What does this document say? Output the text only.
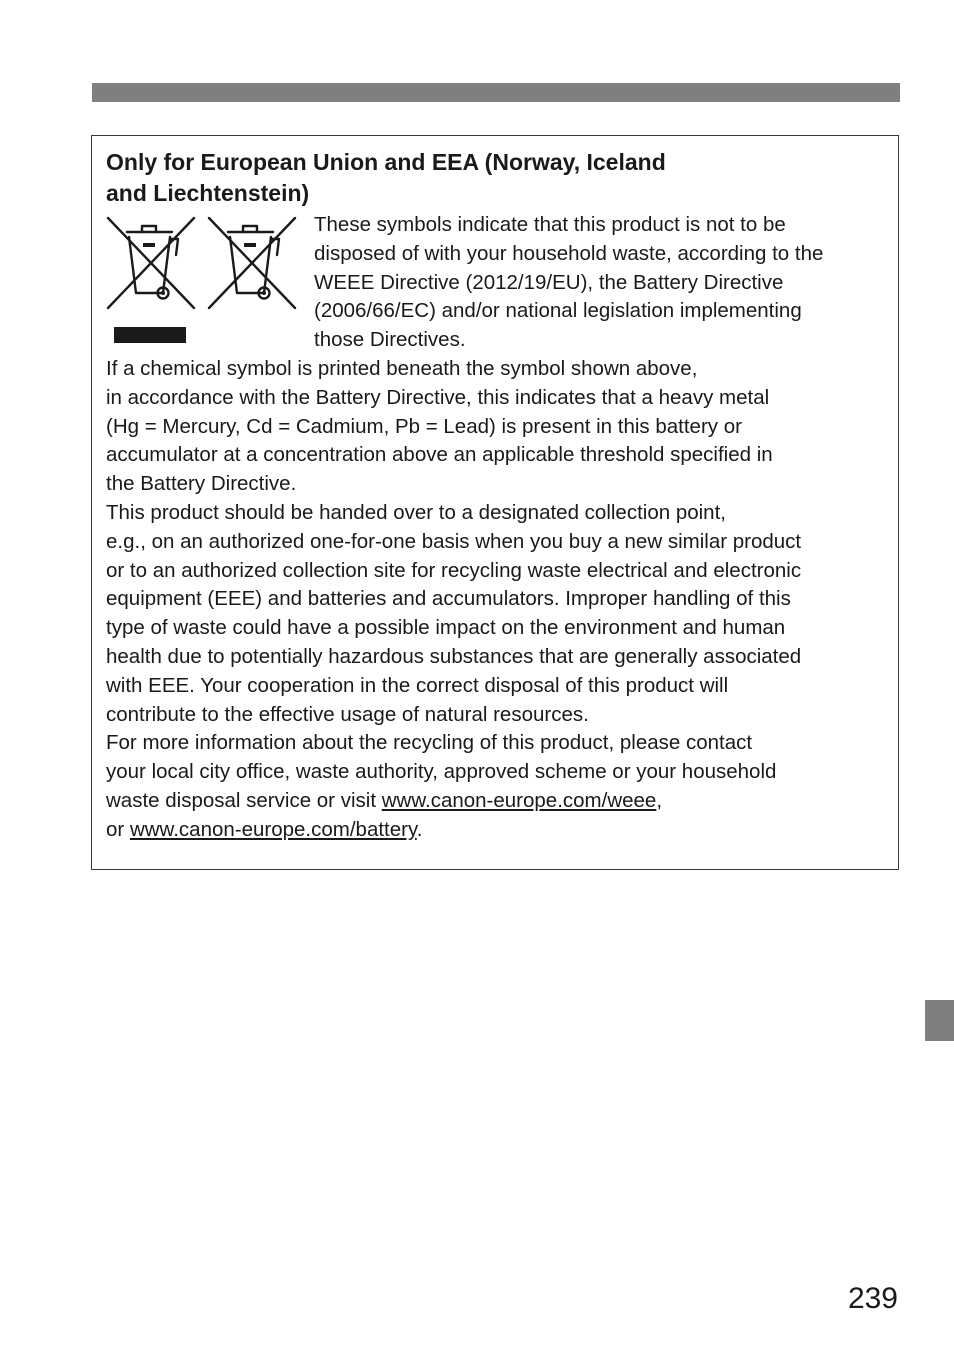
Only for European Union and EEA (Norway, Iceland
and Liechtenstein)

These symbols indicate that this product is not to be
disposed of with your household waste, according to the
WEEE Directive (2012/19/EU), the Battery Directive
(2006/66/EC) and/or national legislation implementing
those Directives.

If a chemical symbol is printed beneath the symbol shown above,
in accordance with the Battery Directive, this indicates that a heavy metal
(Hg = Mercury, Cd = Cadmium, Pb = Lead) is present in this battery or
accumulator at a concentration above an applicable threshold specified in
the Battery Directive.

This product should be handed over to a designated collection point,
e.g., on an authorized one-for-one basis when you buy a new similar product
or to an authorized collection site for recycling waste electrical and electronic
equipment (EEE) and batteries and accumulators. Improper handling of this
type of waste could have a possible impact on the environment and human
health due to potentially hazardous substances that are generally associated
with EEE. Your cooperation in the correct disposal of this product will
contribute to the effective usage of natural resources.

For more information about the recycling of this product, please contact
your local city office, waste authority, approved scheme or your household
waste disposal service or visit www.canon-europe.com/weee,
or www.canon-europe.com/battery.

239
